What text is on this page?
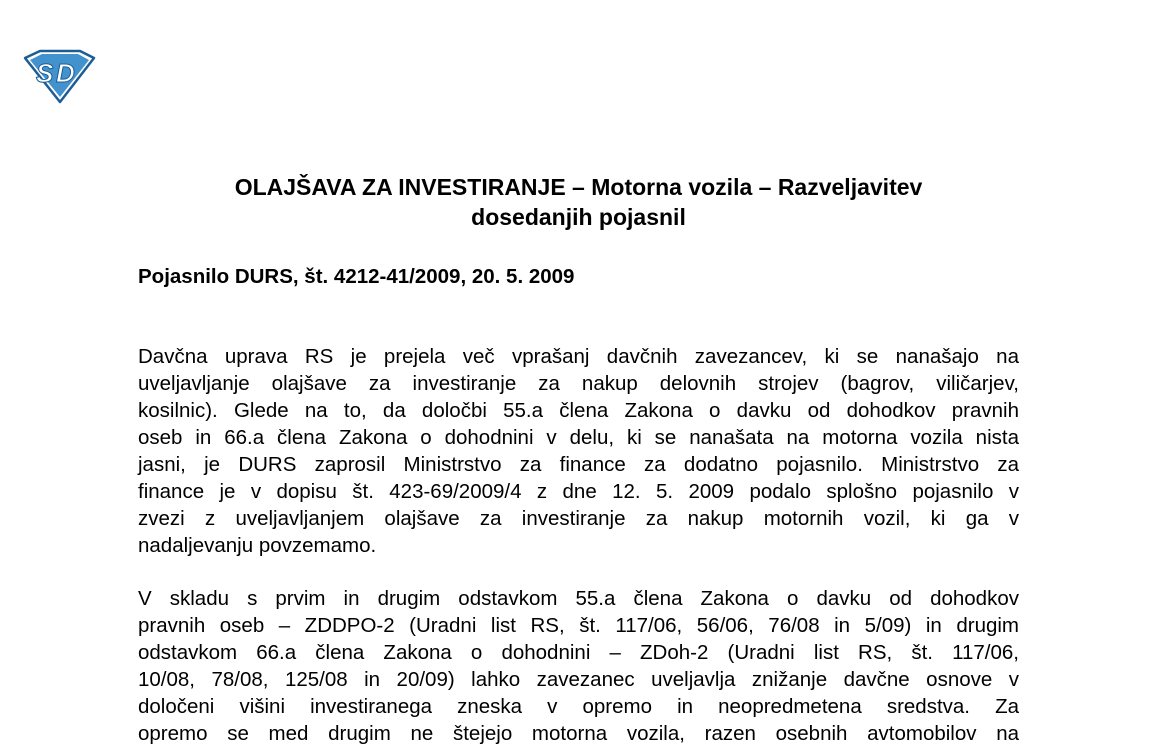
S D
OLAJŠAVA ZA INVESTIRANJE – Motorna vozila – Razveljavitev
dosedanjih pojasnil
Pojasnilo DURS, št. 4212-41/2009, 20. 5. 2009
Davčna uprava RS je prejela več vprašanj davčnih zavezancev, ki se nanašajo na
uveljavljanje olajšave za investiranje za nakup delovnih strojev (bagrov, viličarjev,
kosilnic). Glede na to, da določbi 55.a člena Zakona o davku od dohodkov pravnih
oseb in 66.a člena Zakona o dohodnini v delu, ki se nanašata na motorna vozila nista
jasni, je DURS zaprosil Ministrstvo za finance za dodatno pojasnilo. Ministrstvo za
finance je v dopisu št. 423-69/2009/4 z dne 12. 5. 2009 podalo splošno pojasnilo v
zvezi z uveljavljanjem olajšave za investiranje za nakup motornih vozil, ki ga v
nadaljevanju povzemamo.
V skladu s prvim in drugim odstavkom 55.a člena Zakona o davku od dohodkov
pravnih oseb – ZDDPO-2 (Uradni list RS, št. 117/06, 56/06, 76/08 in 5/09) in drugim
odstavkom 66.a člena Zakona o dohodnini – ZDoh-2 (Uradni list RS, št. 117/06,
10/08, 78/08, 125/08 in 20/09) lahko zavezanec uveljavlja znižanje davčne osnove v
določeni višini investiranega zneska v opremo in neopredmetena sredstva. Za
opremo se med drugim ne štejejo motorna vozila, razen osebnih avtomobilov na
